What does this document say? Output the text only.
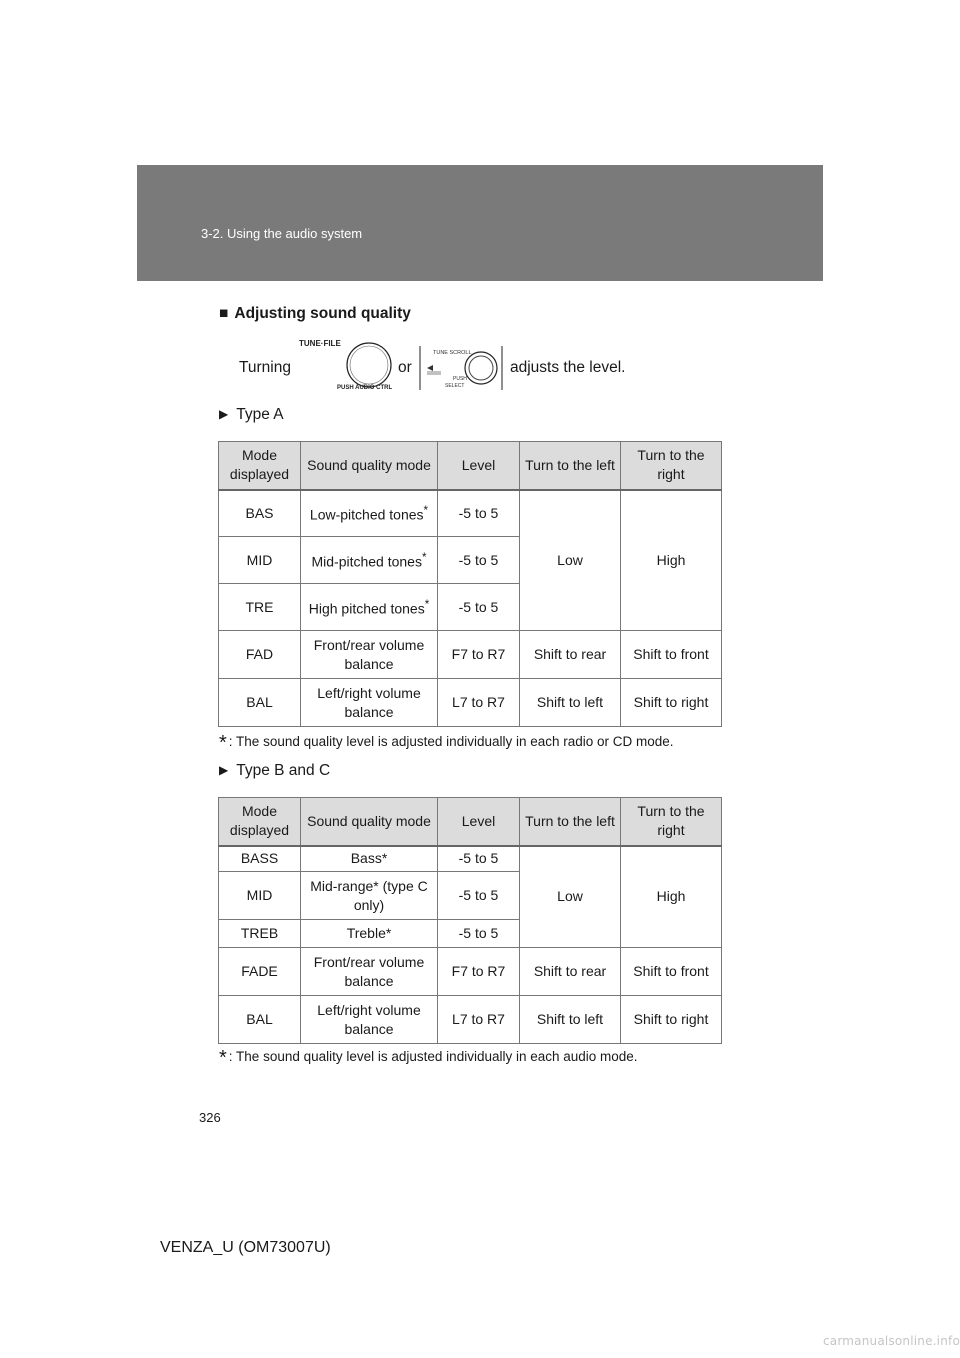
3-2. Using the audio system
■ Adjusting sound quality
Turning
TUNE·FILE
PUSH AUDIO CTRL
or
TUNE SCROLL
PUSH
SELECT
adjusts the level.
▶ Type A
Mode displayed	Sound quality mode	Level	Turn to the left	Turn to the right
BAS	Low-pitched tones*	-5 to 5	Low	High
MID	Mid-pitched tones*	-5 to 5		
TRE	High pitched tones*	-5 to 5		
FAD	Front/rear volume balance	F7 to R7	Shift to rear	Shift to front
BAL	Left/right volume balance	L7 to R7	Shift to left	Shift to right
* : The sound quality level is adjusted individually in each radio or CD mode.
▶ Type B and C
Mode displayed	Sound quality mode	Level	Turn to the left	Turn to the right
BASS	Bass*	-5 to 5	Low	High
MID	Mid-range* (type C only)	-5 to 5		
TREB	Treble*	-5 to 5		
FADE	Front/rear volume balance	F7 to R7	Shift to rear	Shift to front
BAL	Left/right volume balance	L7 to R7	Shift to left	Shift to right
* : The sound quality level is adjusted individually in each audio mode.
326
VENZA_U (OM73007U)
carmanualsonline.info
